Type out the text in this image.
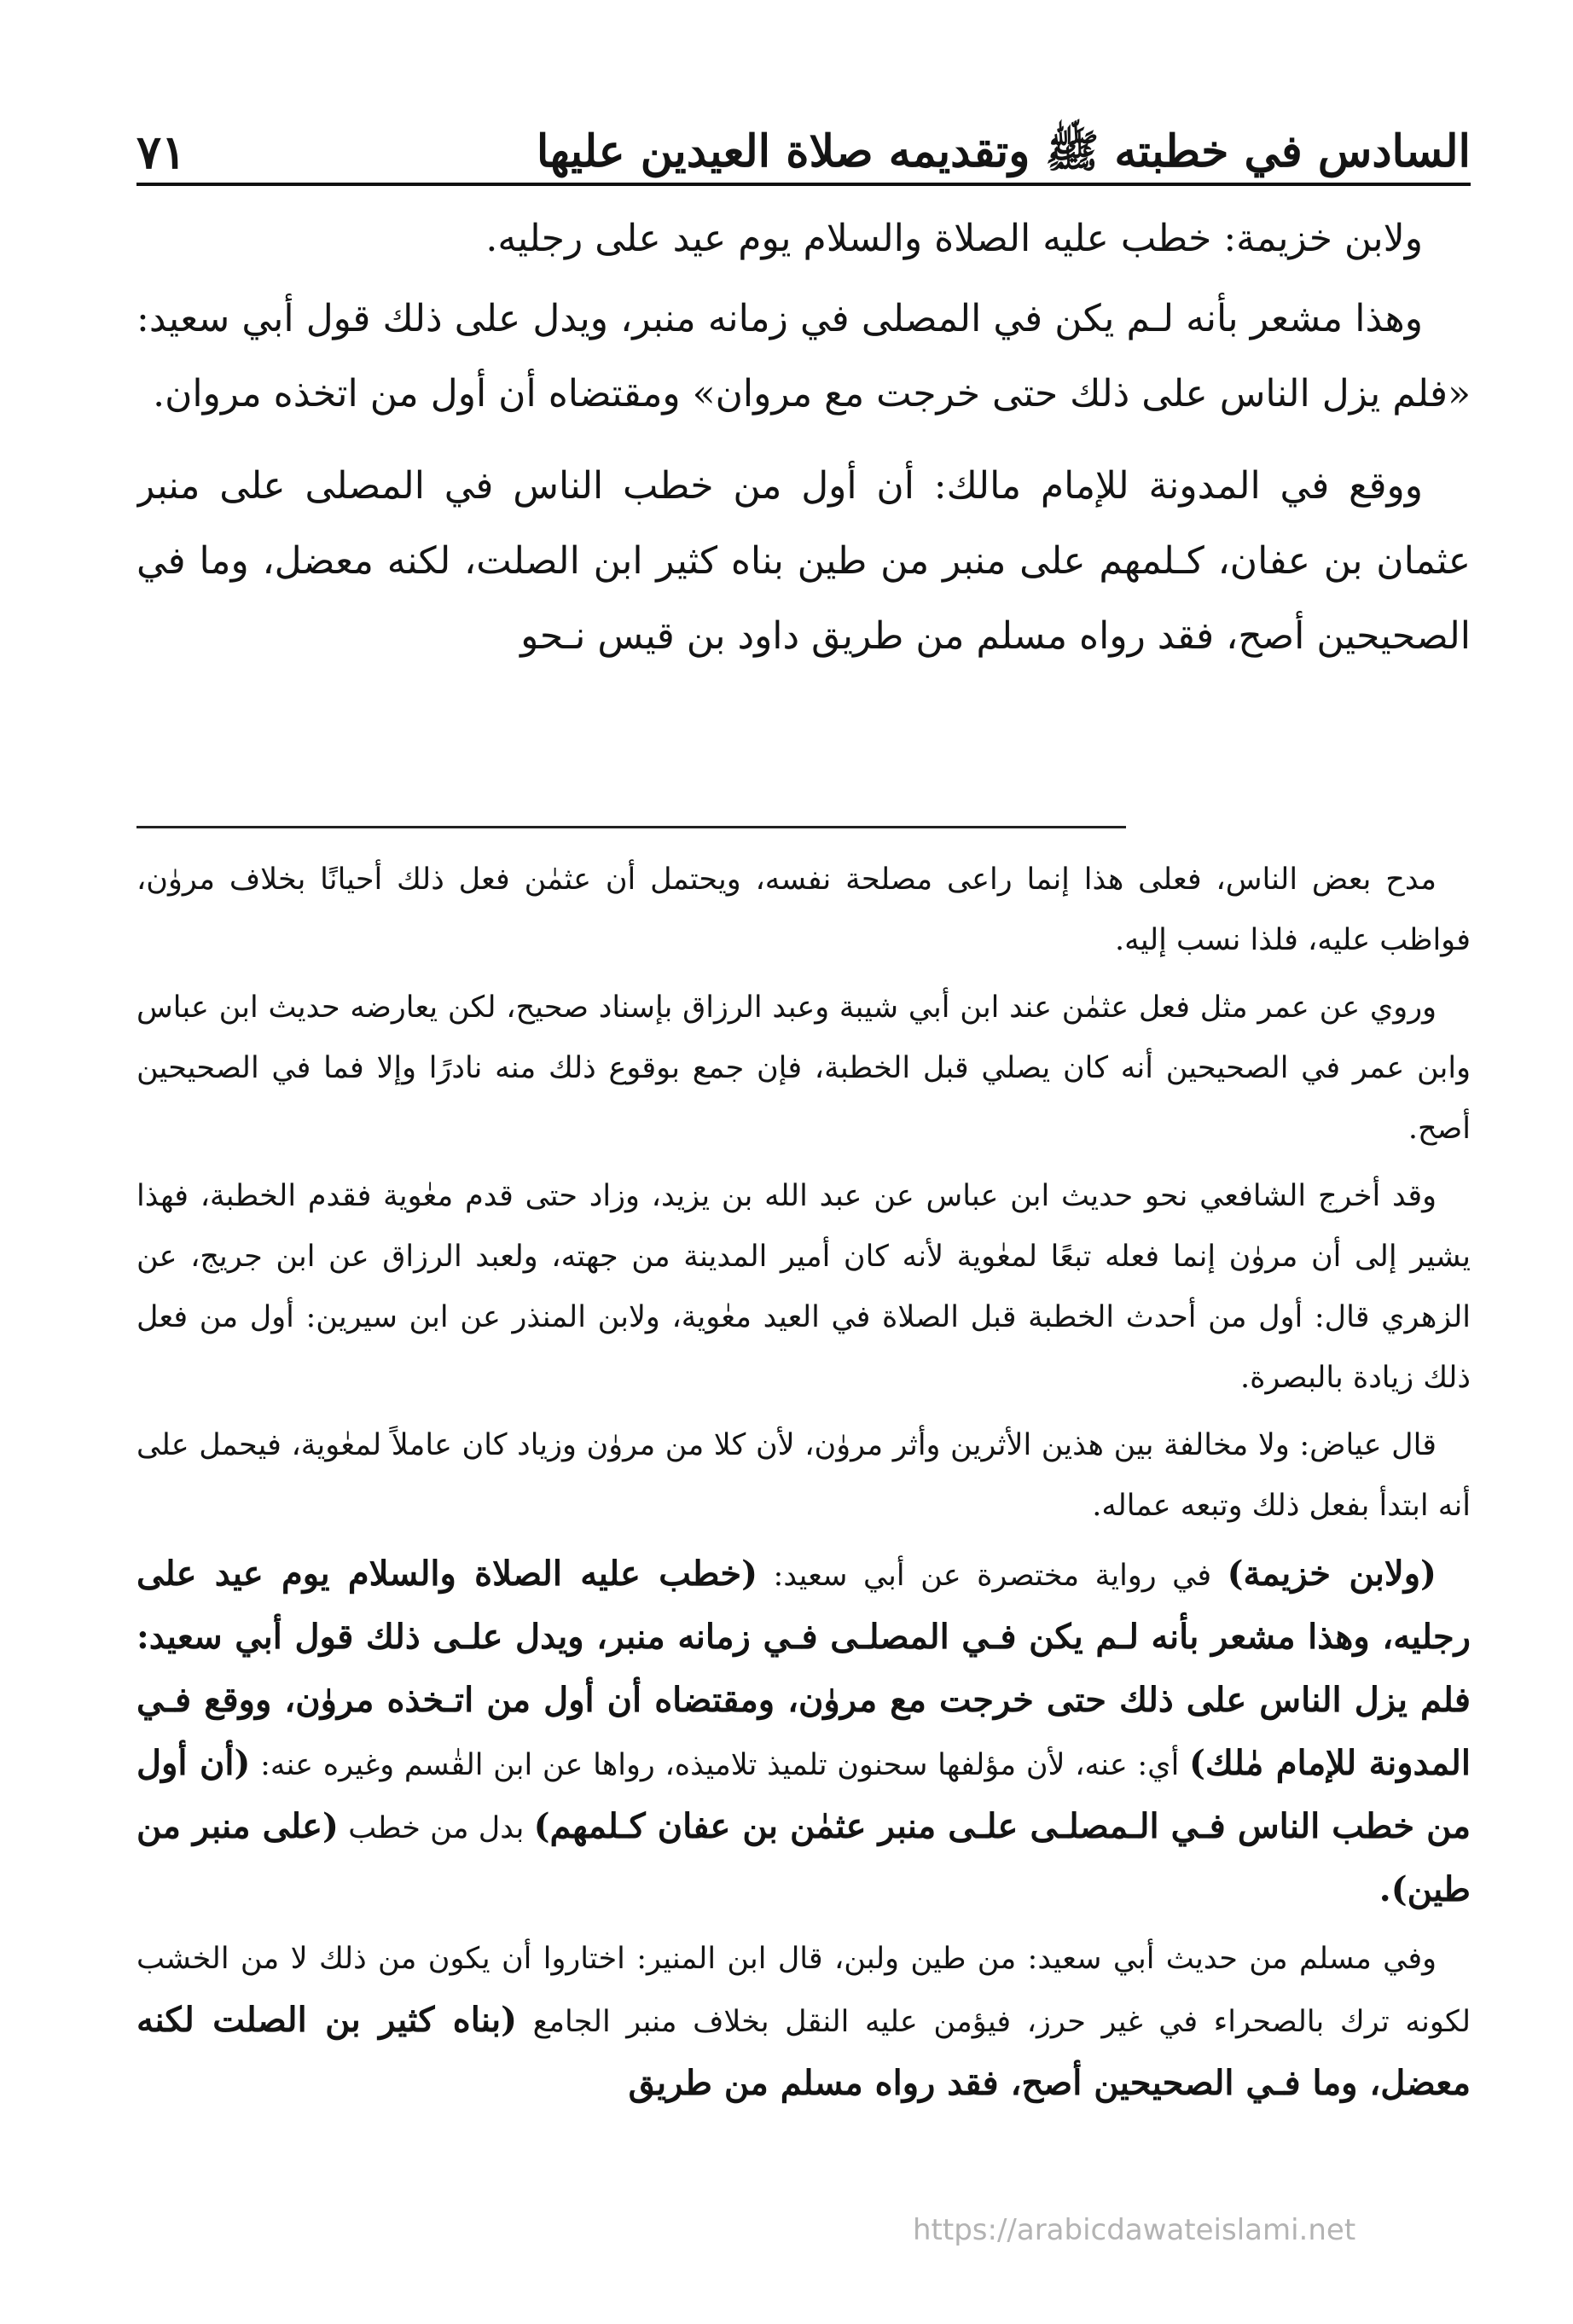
السادس في خطبته ﷺ وتقديمه صلاة العيدين عليها
٧١

ولابن خزيمة: خطب عليه الصلاة والسلام يوم عيد على رجليه.

وهذا مشعر بأنه لـم يكن في المصلى في زمانه منبر، ويدل على ذلك قول أبي سعيد: «فلم يزل الناس على ذلك حتى خرجت مع مروان» ومقتضاه أن أول من اتخذه مروان.

ووقع في المدونة للإمام مالك: أن أول من خطب الناس في المصلى على منبر عثمان بن عفان، كـلمهم على منبر من طين بناه كثير ابن الصلت، لكنه معضل، وما في الصحيحين أصح، فقد رواه مسلم من طريق داود بن قيس نـحو

مدح بعض الناس، فعلى هذا إنما راعى مصلحة نفسه، ويحتمل أن عثمٰن فعل ذلك أحيانًا بخلاف مروٰن، فواظب عليه، فلذا نسب إليه.

وروي عن عمر مثل فعل عثمٰن عند ابن أبي شيبة وعبد الرزاق بإسناد صحيح، لكن يعارضه حديث ابن عباس وابن عمر في الصحيحين أنه كان يصلي قبل الخطبة، فإن جمع بوقوع ذلك منه نادرًا وإلا فما في الصحيحين أصح.

وقد أخرج الشافعي نحو حديث ابن عباس عن عبد الله بن يزيد، وزاد حتى قدم معٰوية فقدم الخطبة، فهذا يشير إلى أن مروٰن إنما فعله تبعًا لمعٰوية لأنه كان أمير المدينة من جهته، ولعبد الرزاق عن ابن جريج، عن الزهري قال: أول من أحدث الخطبة قبل الصلاة في العيد معٰوية، ولابن المنذر عن ابن سيرين: أول من فعل ذلك زيادة بالبصرة.

قال عياض: ولا مخالفة بين هذين الأثرين وأثر مروٰن، لأن كلا من مروٰن وزياد كان عاملاً لمعٰوية، فيحمل على أنه ابتدأ بفعل ذلك وتبعه عماله.

(ولابن خزيمة) في رواية مختصرة عن أبي سعيد: (خطب عليه الصلاة والسلام يوم عيد على رجليه، وهذا مشعر بأنه لـم يكن فـي المصلـى فـي زمانه منبر، ويدل علـى ذلك قول أبي سعيد: فلم يزل الناس على ذلك حتى خرجت مع مروٰن، ومقتضاه أن أول من اتـخذه مروٰن، ووقع فـي المدونة للإمام مٰلك) أي: عنه، لأن مؤلفها سحنون تلميذ تلاميذه، رواها عن ابن القٰسم وغيره عنه: (أن أول من خطب الناس فـي الـمصلـى علـى منبر عثمٰن بن عفان كـلمهم) بدل من خطب (على منبر من طين).

وفي مسلم من حديث أبي سعيد: من طين ولبن، قال ابن المنير: اختاروا أن يكون من ذلك لا من الخشب لكونه ترك بالصحراء في غير حرز، فيؤمن عليه النقل بخلاف منبر الجامع (بناه كثير بن الصلت لكنه معضل، وما فـي الصحيحين أصح، فقد رواه مسلم من طريق

https://arabicdawateislami.net
